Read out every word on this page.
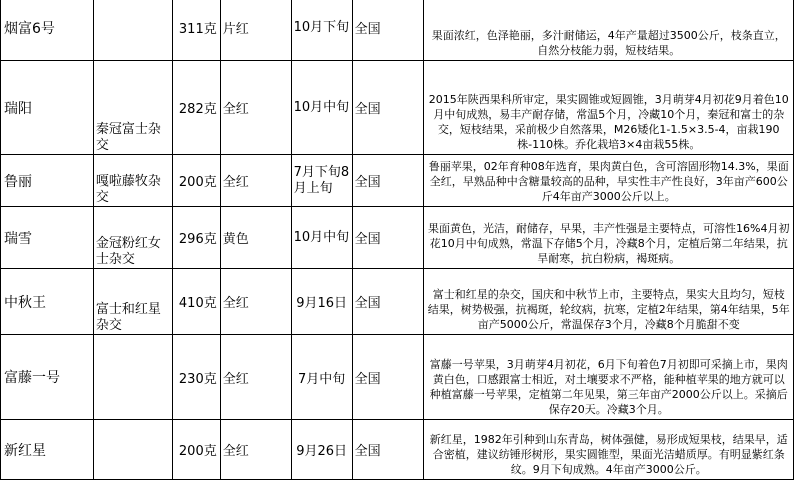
烟富6号		311克	片红	10月下旬	全国	果面浓红，色泽艳丽，多汁耐储运，4年产量超过3500公斤，枝条直立，自然分枝能力弱，短枝结果。
瑞阳	秦冠富士杂交	282克	全红	10月中旬	全国	2015年陕西果科所审定，果实圆锥或短圆锥，3月萌芽4月初花9月着色10月中旬成熟，易丰产耐存储，常温5个月，冷藏10个月，秦冠和富士的杂交，短枝结果，采前极少自然落果，M26矮化1-1.5×3.5-4，亩栽190株-110株。乔化栽培3×4亩栽55株。
鲁丽	嘎啦藤牧杂交	200克	全红	7月下旬8月上旬	全国	鲁丽苹果，02年育种08年选育，果肉黄白色，含可溶固形物14.3%，果面全红，早熟品种中含糖量较高的品种，早实性丰产性良好，3年亩产600公斤4年亩产3000公斤以上。
瑞雪	金冠粉红女士杂交	296克	黄色	10月中旬	全国	果面黄色，光洁，耐储存，早果，丰产性强是主要特点，可溶性16%4月初花10月中旬成熟，常温下存储5个月，冷藏8个月，定植后第二年结果，抗旱耐寒，抗白粉病，褐斑病。
中秋王	富士和红星杂交	410克	全红	9月16日	全国	富士和红星的杂交，国庆和中秋节上市，主要特点，果实大且均匀，短枝结果，树势极强，抗褐斑，轮纹病，抗寒，定植2年结果，第4年结果，5年亩产5000公斤，常温保存3个月，冷藏8个月脆甜不变
富藤一号		230克	全红	7月中旬	全国	富藤一号苹果，3月萌芽4月初花，6月下旬着色7月初即可采摘上市，果肉黄白色，口感跟富士相近，对土壤要求不严格，能种植苹果的地方就可以种植富藤一号苹果，定植第二年见果，第三年亩产2000公斤以上。采摘后保存20天。冷藏3个月。
新红星		200克	全红	9月26日	全国	新红星，1982年引种到山东青岛，树体强健，易形成短果枝，结果早，适合密植，建议纺锤形树形，果实圆锥型，果面光洁蜡质厚。有明显紫红条纹。9月下旬成熟。4年亩产3000公斤。
